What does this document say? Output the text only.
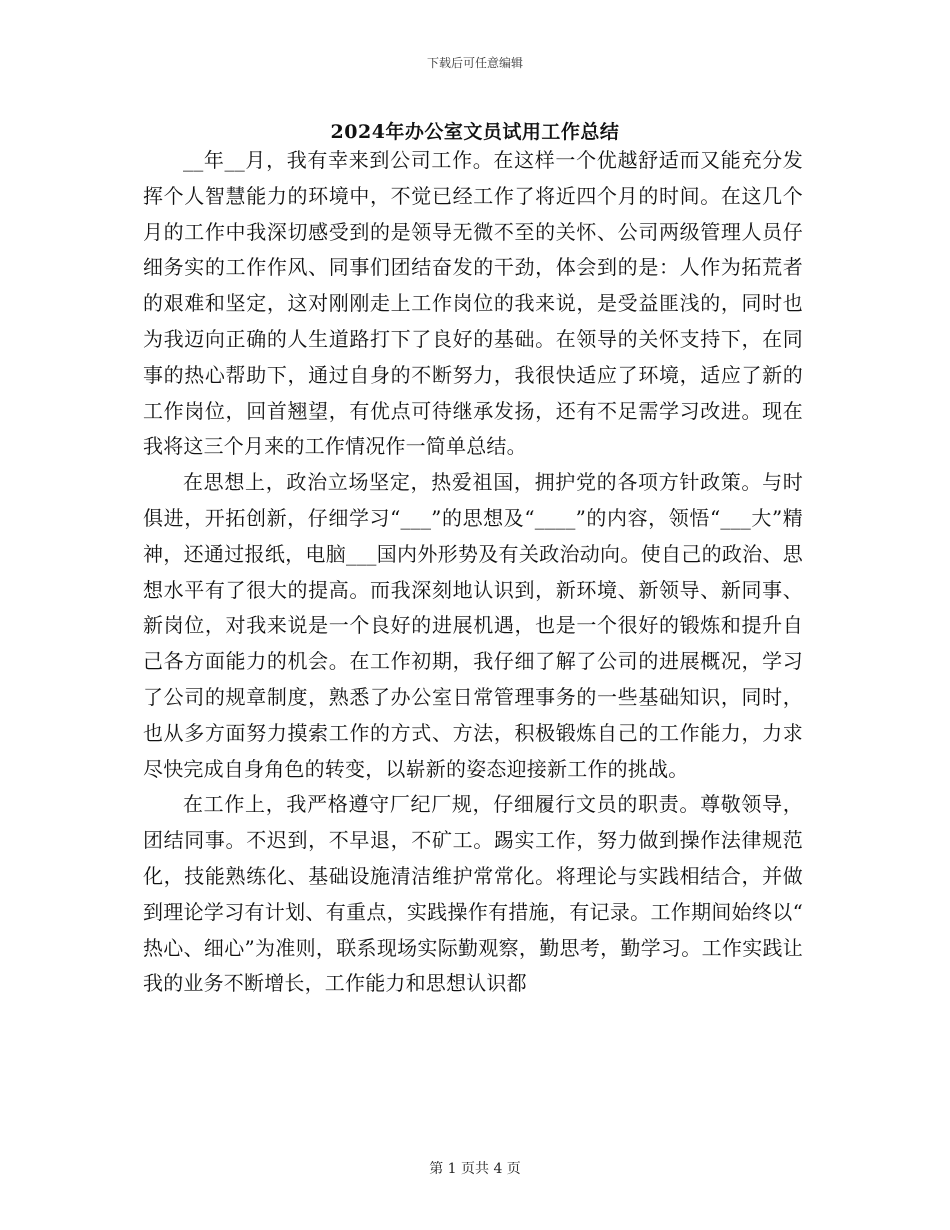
下载后可任意编辑
2024年办公室文员试用工作总结

__年__月，我有幸来到公司工作。在这样一个优越舒适而又能充分发挥个人智慧能力的环境中，不觉已经工作了将近四个月的时间。在这几个月的工作中我深切感受到的是领导无微不至的关怀、公司两级管理人员仔细务实的工作作风、同事们团结奋发的干劲，体会到的是：人作为拓荒者的艰难和坚定，这对刚刚走上工作岗位的我来说，是受益匪浅的，同时也为我迈向正确的人生道路打下了良好的基础。在领导的关怀支持下，在同事的热心帮助下，通过自身的不断努力，我很快适应了环境，适应了新的工作岗位，回首翘望，有优点可待继承发扬，还有不足需学习改进。现在我将这三个月来的工作情况作一简单总结。

在思想上，政治立场坚定，热爱祖国，拥护党的各项方针政策。与时俱进，开拓创新，仔细学习“___”的思想及“____”的内容，领悟“___大”精神，还通过报纸，电脑___国内外形势及有关政治动向。使自己的政治、思想水平有了很大的提高。而我深刻地认识到，新环境、新领导、新同事、新岗位，对我来说是一个良好的进展机遇，也是一个很好的锻炼和提升自己各方面能力的机会。在工作初期，我仔细了解了公司的进展概况，学习了公司的规章制度，熟悉了办公室日常管理事务的一些基础知识，同时，也从多方面努力摸索工作的方式、方法，积极锻炼自己的工作能力，力求尽快完成自身角色的转变，以崭新的姿态迎接新工作的挑战。

在工作上，我严格遵守厂纪厂规，仔细履行文员的职责。尊敬领导，团结同事。不迟到，不早退，不矿工。踢实工作，努力做到操作法律规范化，技能熟练化、基础设施清洁维护常常化。将理论与实践相结合，并做到理论学习有计划、有重点，实践操作有措施，有记录。工作期间始终以“热心、细心”为准则，联系现场实际勤观察，勤思考，勤学习。工作实践让我的业务不断增长，工作能力和思想认识都

第 1 页共 4 页
